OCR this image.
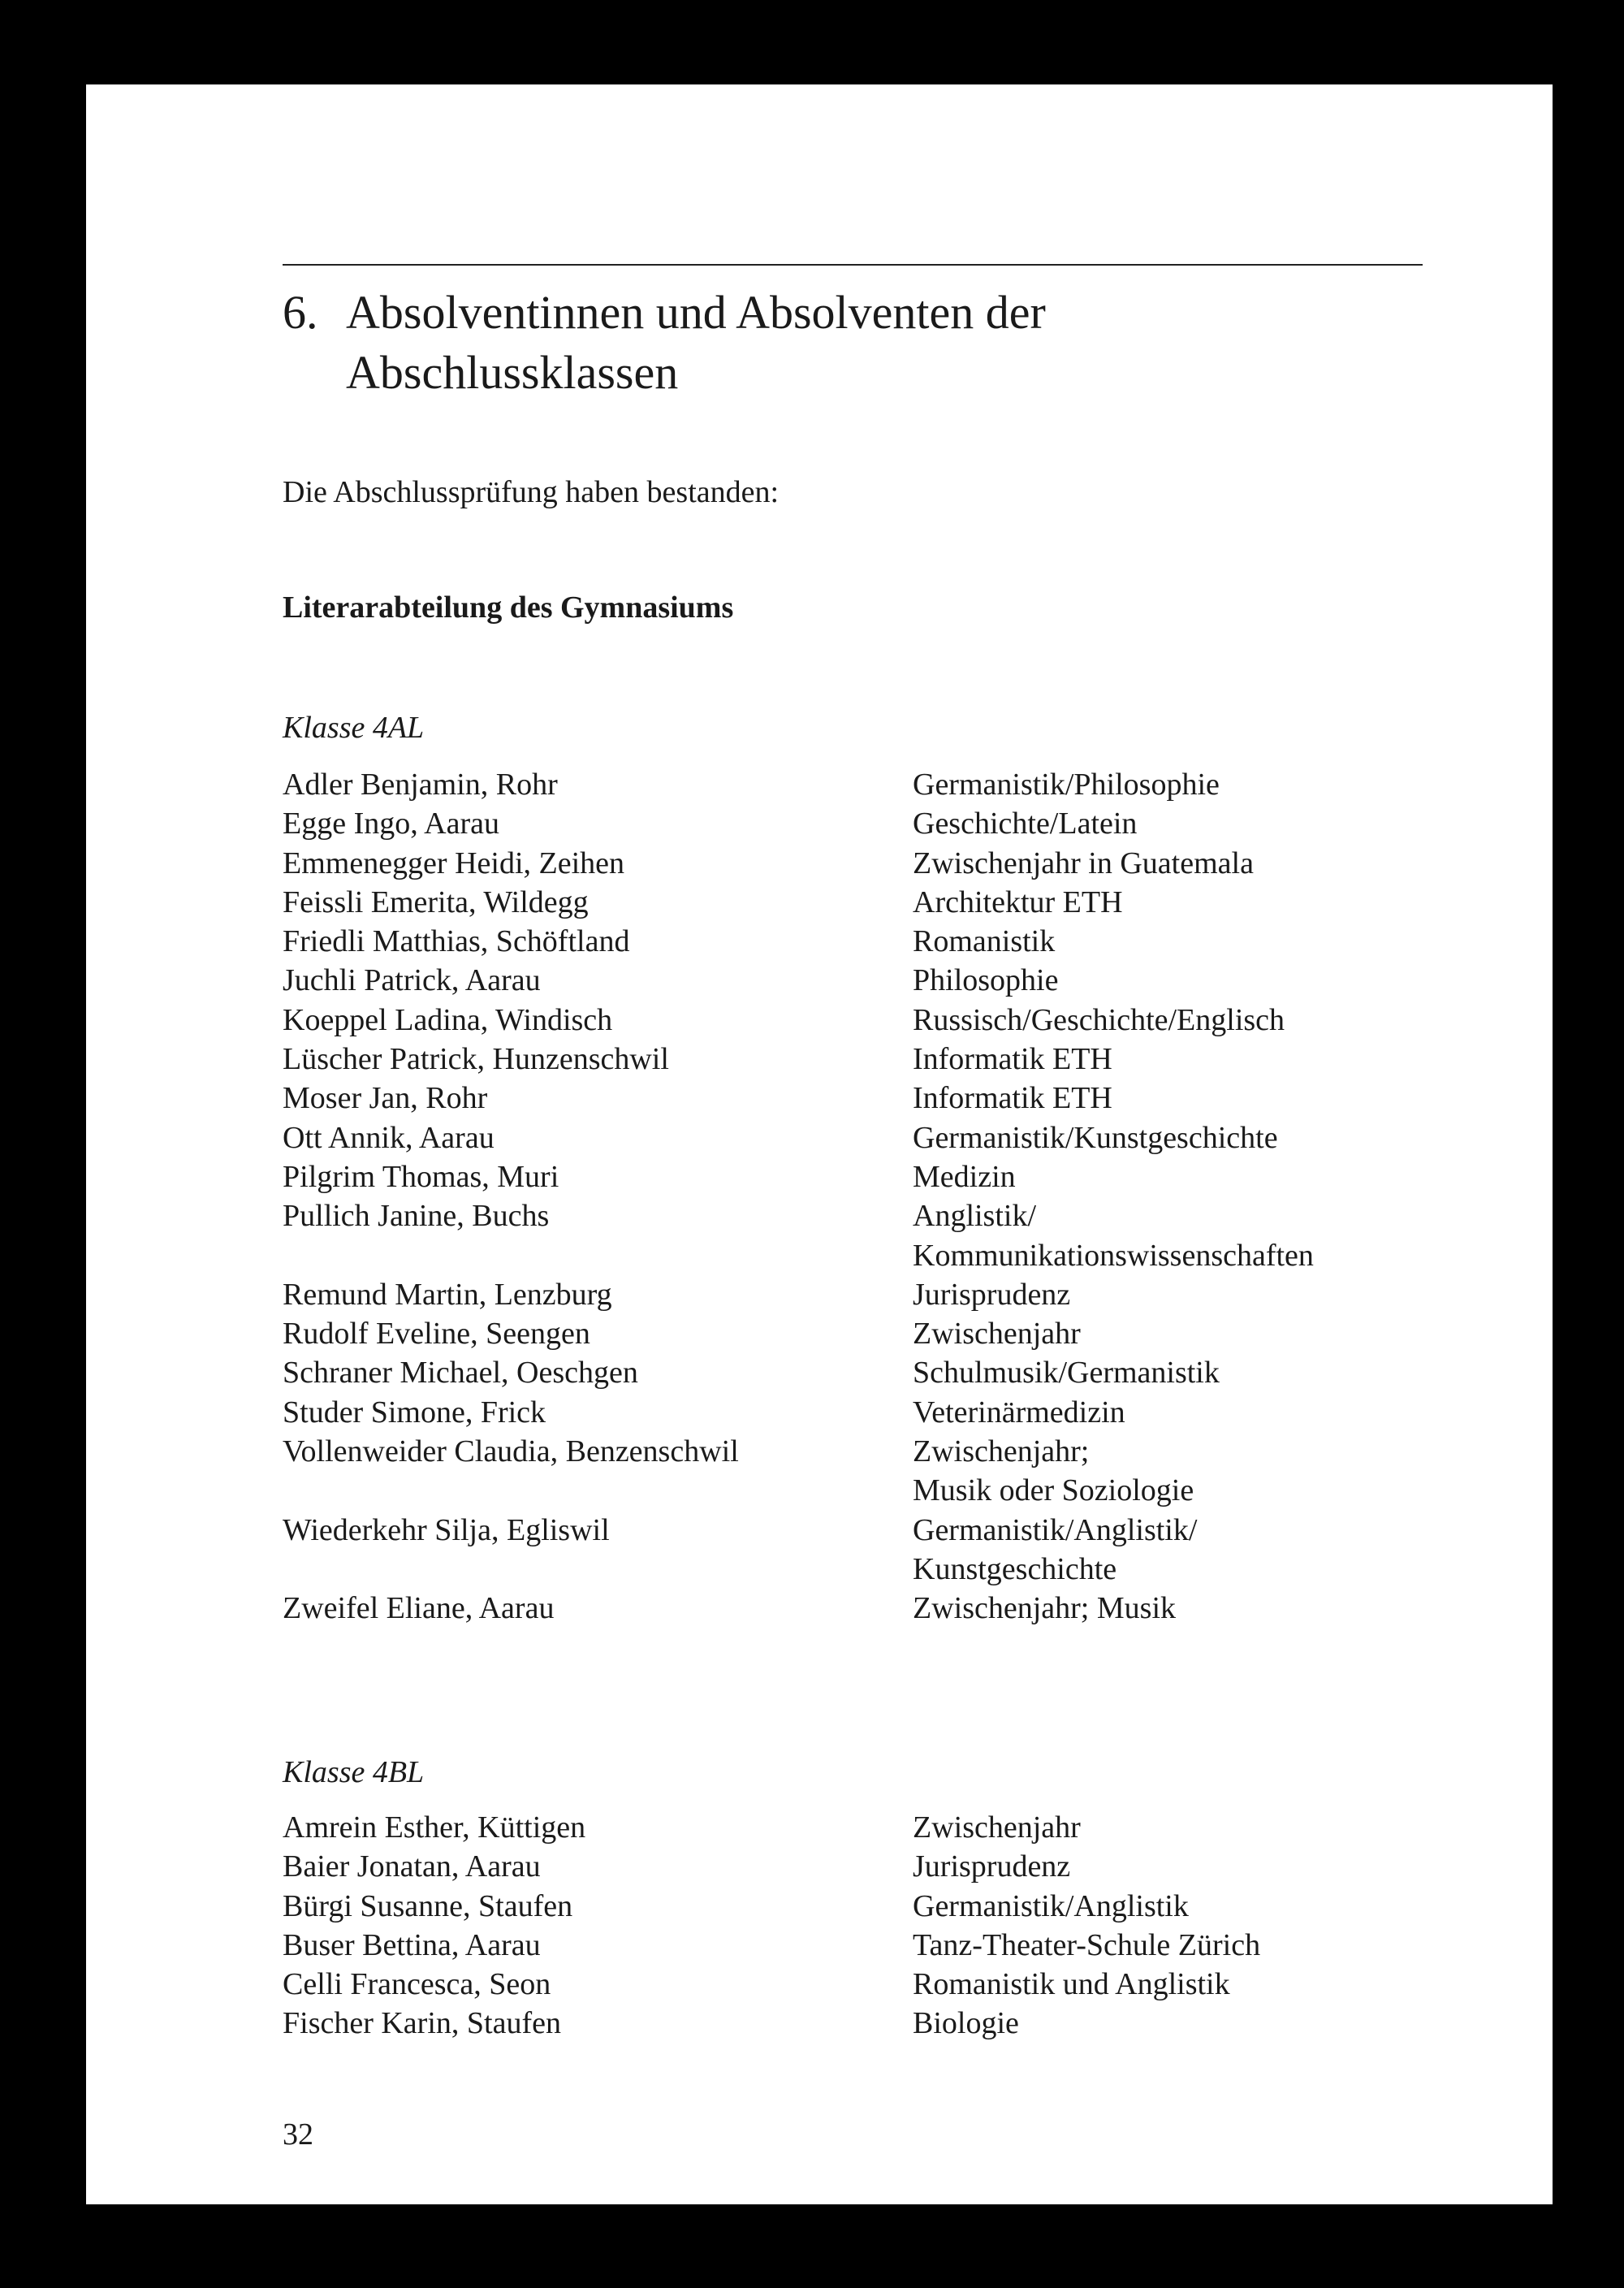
6. Absolventinnen und Absolventen der
Abschlussklassen

Die Abschlussprüfung haben bestanden:

Literarabteilung des Gymnasiums

Klasse 4AL

Adler Benjamin, Rohr	Germanistik/Philosophie
Egge Ingo, Aarau	Geschichte/Latein
Emmenegger Heidi, Zeihen	Zwischenjahr in Guatemala
Feissli Emerita, Wildegg	Architektur ETH
Friedli Matthias, Schöftland	Romanistik
Juchli Patrick, Aarau	Philosophie
Koeppel Ladina, Windisch	Russisch/Geschichte/Englisch
Lüscher Patrick, Hunzenschwil	Informatik ETH
Moser Jan, Rohr	Informatik ETH
Ott Annik, Aarau	Germanistik/Kunstgeschichte
Pilgrim Thomas, Muri	Medizin
Pullich Janine, Buchs	Anglistik/
Kommunikationswissenschaften
Remund Martin, Lenzburg	Jurisprudenz
Rudolf Eveline, Seengen	Zwischenjahr
Schraner Michael, Oeschgen	Schulmusik/Germanistik
Studer Simone, Frick	Veterinärmedizin
Vollenweider Claudia, Benzenschwil	Zwischenjahr;
Musik oder Soziologie
Wiederkehr Silja, Egliswil	Germanistik/Anglistik/
Kunstgeschichte
Zweifel Eliane, Aarau	Zwischenjahr; Musik

Klasse 4BL

Amrein Esther, Küttigen	Zwischenjahr
Baier Jonatan, Aarau	Jurisprudenz
Bürgi Susanne, Staufen	Germanistik/Anglistik
Buser Bettina, Aarau	Tanz-Theater-Schule Zürich
Celli Francesca, Seon	Romanistik und Anglistik
Fischer Karin, Staufen	Biologie

32
